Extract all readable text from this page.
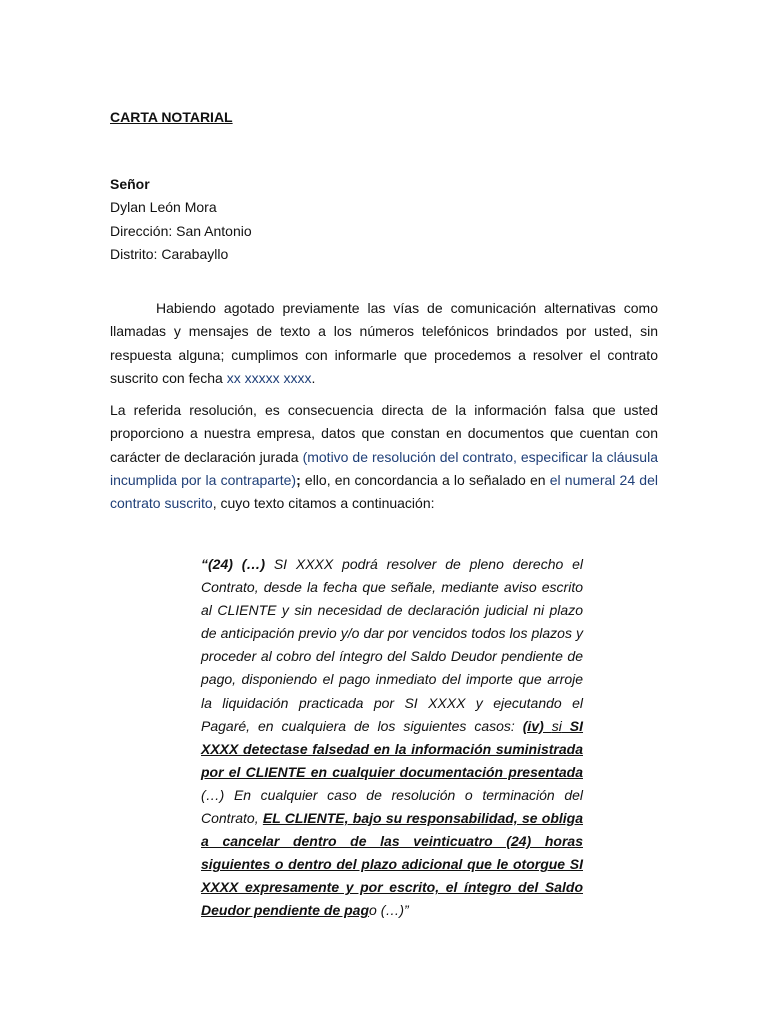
CARTA NOTARIAL
Señor
Dylan León Mora
Dirección: San Antonio
Distrito: Carabayllo

Habiendo agotado previamente las vías de comunicación alternativas como llamadas y mensajes de texto a los números telefónicos brindados por usted, sin respuesta alguna; cumplimos con informarle que procedemos a resolver el contrato suscrito con fecha xx xxxxx xxxx.

La referida resolución, es consecuencia directa de la información falsa que usted proporciono a nuestra empresa, datos que constan en documentos que cuentan con carácter de declaración jurada (motivo de resolución del contrato, especificar la cláusula incumplida por la contraparte); ello, en concordancia a lo señalado en el numeral 24 del contrato suscrito, cuyo texto citamos a continuación:

“(24) (…) SI XXXX podrá resolver de pleno derecho el Contrato, desde la fecha que señale, mediante aviso escrito al CLIENTE y sin necesidad de declaración judicial ni plazo de anticipación previo y/o dar por vencidos todos los plazos y proceder al cobro del íntegro del Saldo Deudor pendiente de pago, disponiendo el pago inmediato del importe que arroje la liquidación practicada por SI XXXX y ejecutando el Pagaré, en cualquiera de los siguientes casos: (iv) si SI XXXX detectase falsedad en la información suministrada por el CLIENTE en cualquier documentación presentada (…) En cualquier caso de resolución o terminación del Contrato, EL CLIENTE, bajo su responsabilidad, se obliga a cancelar dentro de las veinticuatro (24) horas siguientes o dentro del plazo adicional que le otorgue SI XXXX expresamente y por escrito, el íntegro del Saldo Deudor pendiente de pago (…)”
